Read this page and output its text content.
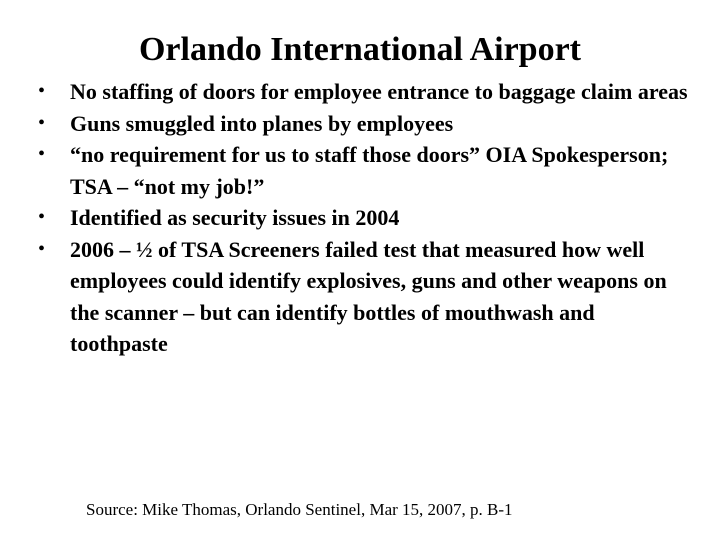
Orlando International Airport
• No staffing of doors for employee entrance to baggage claim areas
• Guns smuggled into planes by employees
• “no requirement for us to staff those doors” OIA Spokesperson; TSA – “not my job!”
• Identified as security issues in 2004
• 2006 – ½ of TSA Screeners failed test that measured how well employees could identify explosives, guns and other weapons on the scanner – but can identify bottles of mouthwash and toothpaste
Source: Mike Thomas, Orlando Sentinel, Mar 15, 2007, p. B-1
